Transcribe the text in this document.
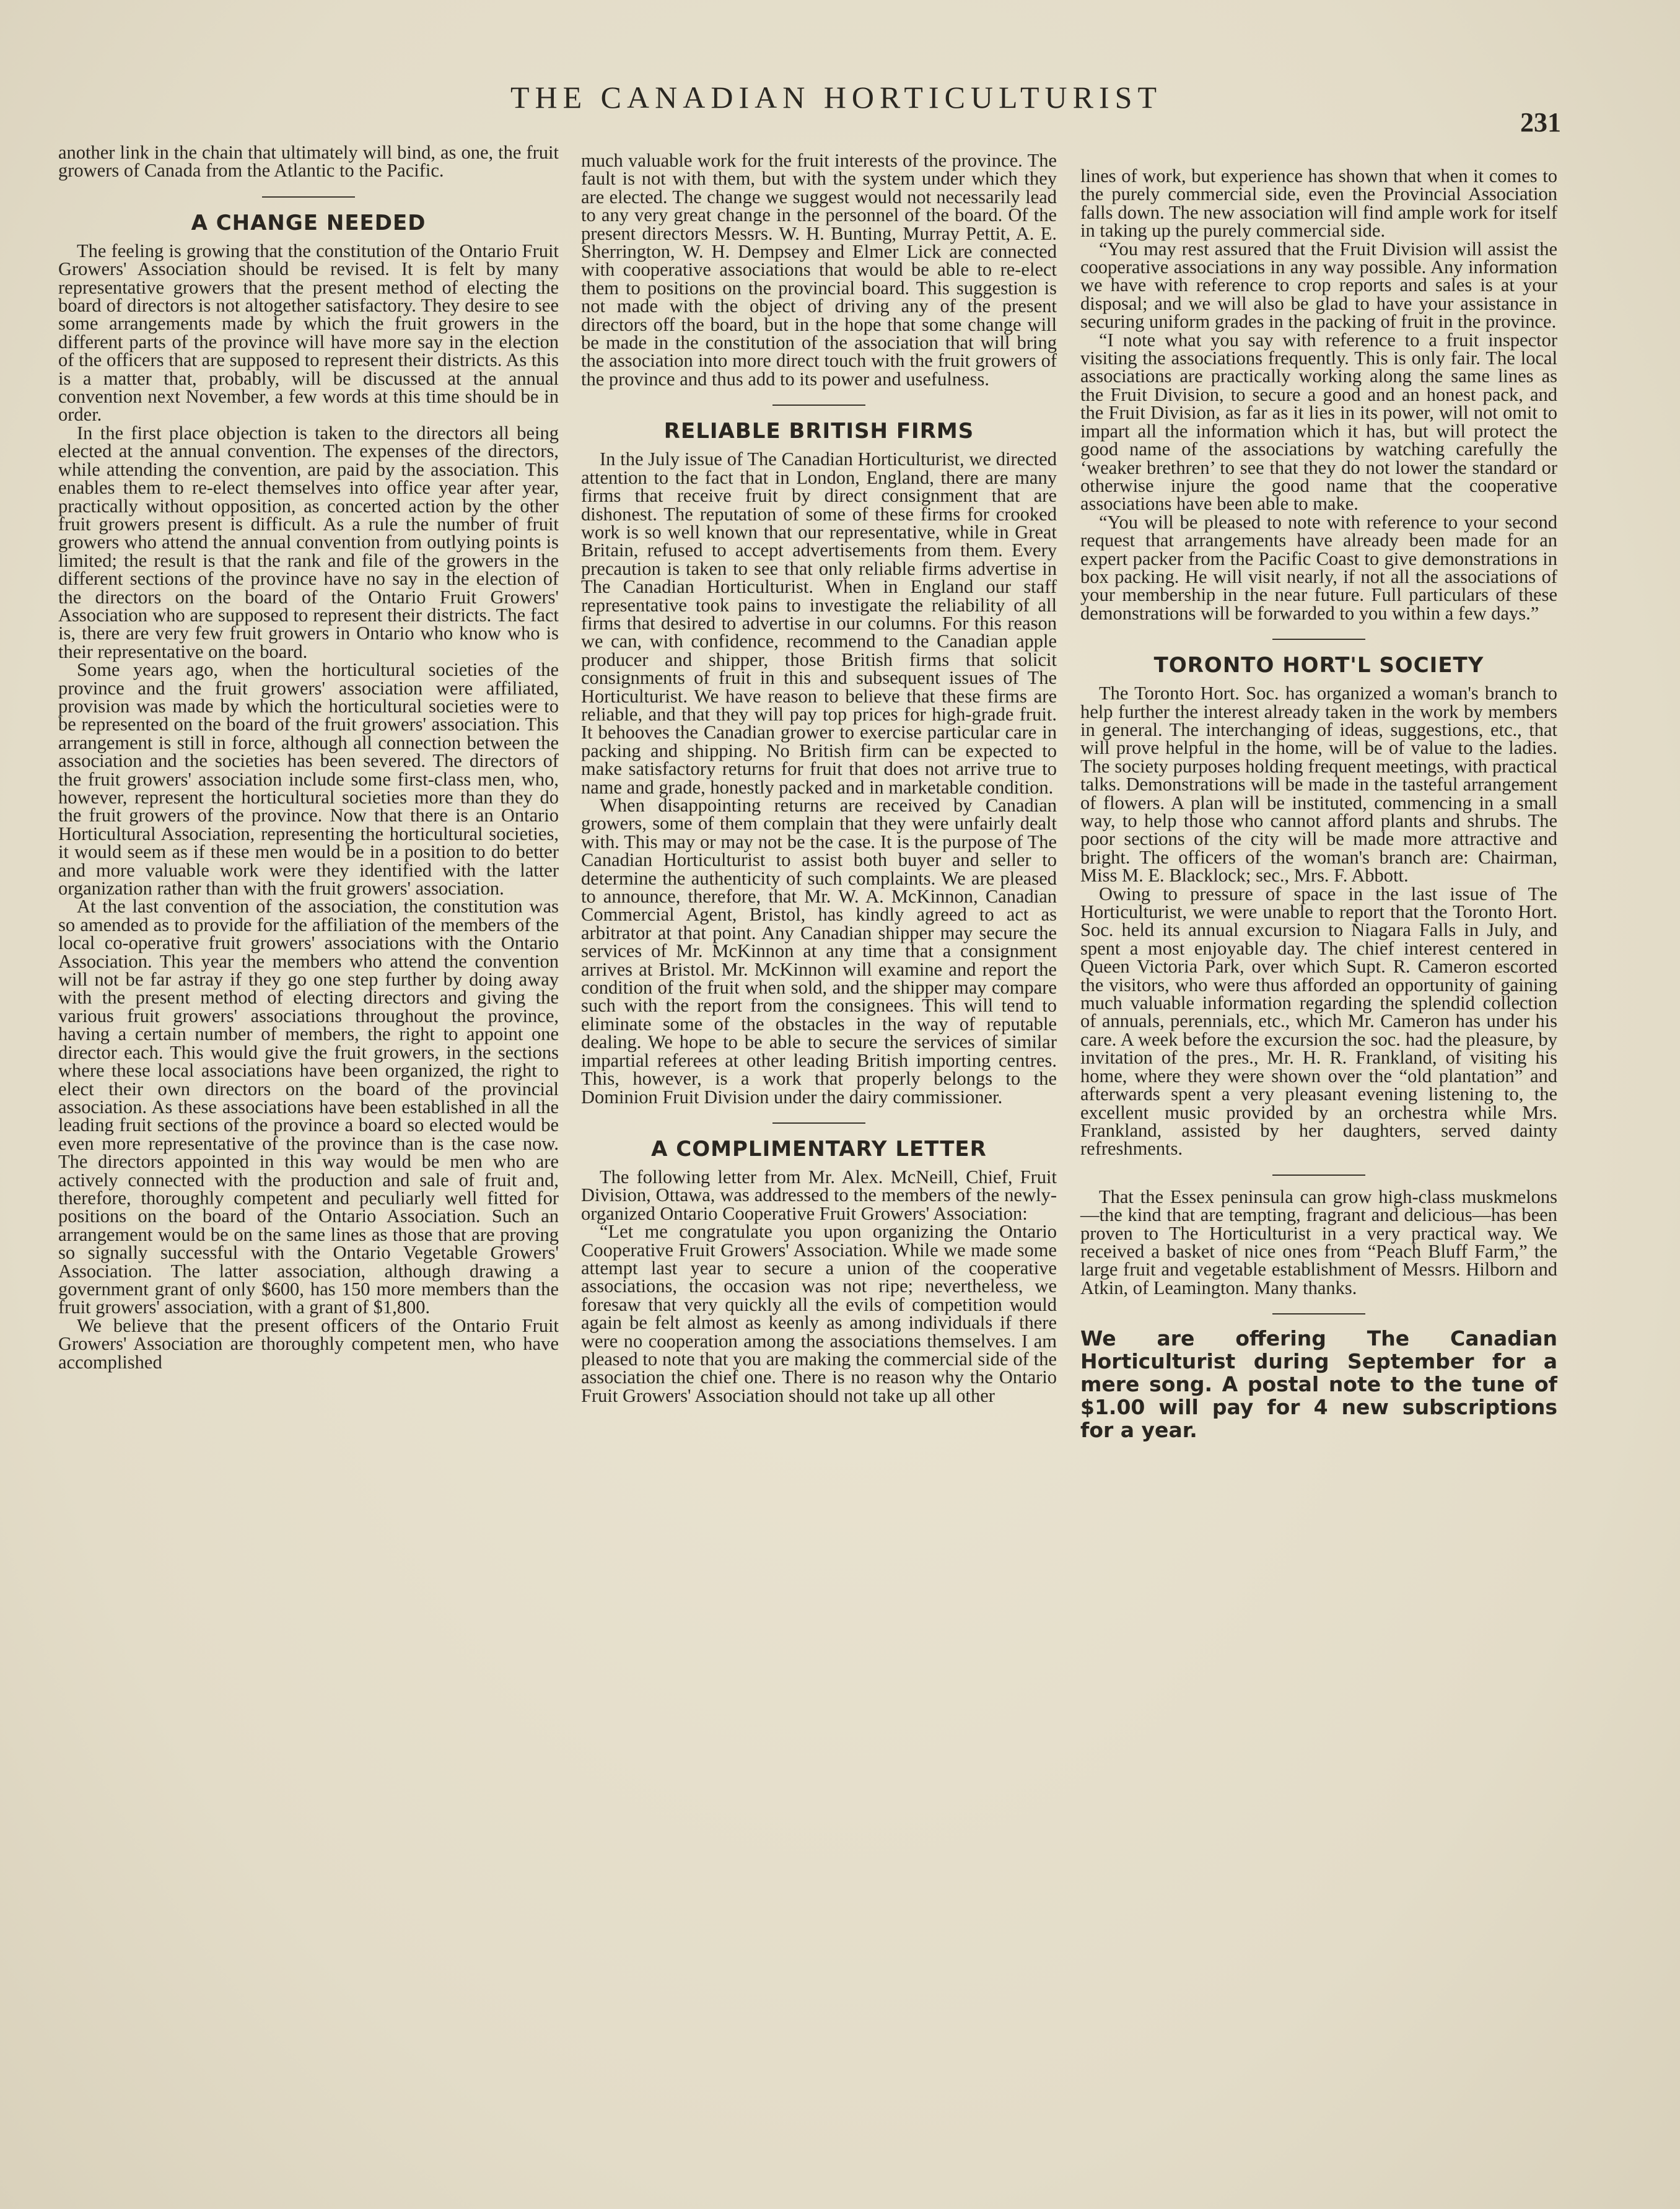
THE CANADIAN HORTICULTURIST
231

another link in the chain that ultimately will bind, as one, the fruit growers of Canada from the Atlantic to the Pacific.

A CHANGE NEEDED

The feeling is growing that the constitution of the Ontario Fruit Growers' Association should be revised. It is felt by many representative growers that the present method of electing the board of directors is not altogether satisfactory. They desire to see some arrangements made by which the fruit growers in the different parts of the province will have more say in the election of the officers that are supposed to represent their districts. As this is a matter that, probably, will be discussed at the annual convention next November, a few words at this time should be in order.

In the first place objection is taken to the directors all being elected at the annual convention. The expenses of the directors, while attending the convention, are paid by the association. This enables them to re-elect themselves into office year after year, practically without opposition, as concerted action by the other fruit growers present is difficult. As a rule the number of fruit growers who attend the annual convention from outlying points is limited; the result is that the rank and file of the growers in the different sections of the province have no say in the election of the directors on the board of the Ontario Fruit Growers' Association who are supposed to represent their districts. The fact is, there are very few fruit growers in Ontario who know who is their representative on the board.

Some years ago, when the horticultural societies of the province and the fruit growers' association were affiliated, provision was made by which the horticultural societies were to be represented on the board of the fruit growers' association. This arrangement is still in force, although all connection between the association and the societies has been severed. The directors of the fruit growers' association include some first-class men, who, however, represent the horticultural societies more than they do the fruit growers of the province. Now that there is an Ontario Horticultural Association, representing the horticultural societies, it would seem as if these men would be in a position to do better and more valuable work were they identified with the latter organization rather than with the fruit growers' association.

At the last convention of the association, the constitution was so amended as to provide for the affiliation of the members of the local co-operative fruit growers' associations with the Ontario Association. This year the members who attend the convention will not be far astray if they go one step further by doing away with the present method of electing directors and giving the various fruit growers' associations throughout the province, having a certain number of members, the right to appoint one director each. This would give the fruit growers, in the sections where these local associations have been organized, the right to elect their own directors on the board of the provincial association. As these associations have been established in all the leading fruit sections of the province a board so elected would be even more representative of the province than is the case now. The directors appointed in this way would be men who are actively connected with the production and sale of fruit and, therefore, thoroughly competent and peculiarly well fitted for positions on the board of the Ontario Association. Such an arrangement would be on the same lines as those that are proving so signally successful with the Ontario Vegetable Growers' Association. The latter association, although drawing a government grant of only $600, has 150 more members than the fruit growers' association, with a grant of $1,800.

We believe that the present officers of the Ontario Fruit Growers' Association are thoroughly competent men, who have accomplished

much valuable work for the fruit interests of the province. The fault is not with them, but with the system under which they are elected. The change we suggest would not necessarily lead to any very great change in the personnel of the board. Of the present directors Messrs. W. H. Bunting, Murray Pettit, A. E. Sherrington, W. H. Dempsey and Elmer Lick are connected with cooperative associations that would be able to re-elect them to positions on the provincial board. This suggestion is not made with the object of driving any of the present directors off the board, but in the hope that some change will be made in the constitution of the association that will bring the association into more direct touch with the fruit growers of the province and thus add to its power and usefulness.

RELIABLE BRITISH FIRMS

In the July issue of The Canadian Horticulturist, we directed attention to the fact that in London, England, there are many firms that receive fruit by direct consignment that are dishonest. The reputation of some of these firms for crooked work is so well known that our representative, while in Great Britain, refused to accept advertisements from them. Every precaution is taken to see that only reliable firms advertise in The Canadian Horticulturist. When in England our staff representative took pains to investigate the reliability of all firms that desired to advertise in our columns. For this reason we can, with confidence, recommend to the Canadian apple producer and shipper, those British firms that solicit consignments of fruit in this and subsequent issues of The Horticulturist. We have reason to believe that these firms are reliable, and that they will pay top prices for high-grade fruit. It behooves the Canadian grower to exercise particular care in packing and shipping. No British firm can be expected to make satisfactory returns for fruit that does not arrive true to name and grade, honestly packed and in marketable condition.

When disappointing returns are received by Canadian growers, some of them complain that they were unfairly dealt with. This may or may not be the case. It is the purpose of The Canadian Horticulturist to assist both buyer and seller to determine the authenticity of such complaints. We are pleased to announce, therefore, that Mr. W. A. McKinnon, Canadian Commercial Agent, Bristol, has kindly agreed to act as arbitrator at that point. Any Canadian shipper may secure the services of Mr. McKinnon at any time that a consignment arrives at Bristol. Mr. McKinnon will examine and report the condition of the fruit when sold, and the shipper may compare such with the report from the consignees. This will tend to eliminate some of the obstacles in the way of reputable dealing. We hope to be able to secure the services of similar impartial referees at other leading British importing centres. This, however, is a work that properly belongs to the Dominion Fruit Division under the dairy commissioner.

A COMPLIMENTARY LETTER

The following letter from Mr. Alex. McNeill, Chief, Fruit Division, Ottawa, was addressed to the members of the newly-organized Ontario Cooperative Fruit Growers' Association:

“Let me congratulate you upon organizing the Ontario Cooperative Fruit Growers' Association. While we made some attempt last year to secure a union of the cooperative associations, the occasion was not ripe; nevertheless, we foresaw that very quickly all the evils of competition would again be felt almost as keenly as among individuals if there were no cooperation among the associations themselves. I am pleased to note that you are making the commercial side of the association the chief one. There is no reason why the Ontario Fruit Growers' Association should not take up all other

lines of work, but experience has shown that when it comes to the purely commercial side, even the Provincial Association falls down. The new association will find ample work for itself in taking up the purely commercial side.

“You may rest assured that the Fruit Division will assist the cooperative associations in any way possible. Any information we have with reference to crop reports and sales is at your disposal; and we will also be glad to have your assistance in securing uniform grades in the packing of fruit in the province.

“I note what you say with reference to a fruit inspector visiting the associations frequently. This is only fair. The local associations are practically working along the same lines as the Fruit Division, to secure a good and an honest pack, and the Fruit Division, as far as it lies in its power, will not omit to impart all the information which it has, but will protect the good name of the associations by watching carefully the ‘weaker brethren’ to see that they do not lower the standard or otherwise injure the good name that the cooperative associations have been able to make.

“You will be pleased to note with reference to your second request that arrangements have already been made for an expert packer from the Pacific Coast to give demonstrations in box packing. He will visit nearly, if not all the associations of your membership in the near future. Full particulars of these demonstrations will be forwarded to you within a few days.”

TORONTO HORT'L SOCIETY

The Toronto Hort. Soc. has organized a woman's branch to help further the interest already taken in the work by members in general. The interchanging of ideas, suggestions, etc., that will prove helpful in the home, will be of value to the ladies. The society purposes holding frequent meetings, with practical talks. Demonstrations will be made in the tasteful arrangement of flowers. A plan will be instituted, commencing in a small way, to help those who cannot afford plants and shrubs. The poor sections of the city will be made more attractive and bright. The officers of the woman's branch are: Chairman, Miss M. E. Blacklock; sec., Mrs. F. Abbott.

Owing to pressure of space in the last issue of The Horticulturist, we were unable to report that the Toronto Hort. Soc. held its annual excursion to Niagara Falls in July, and spent a most enjoyable day. The chief interest centered in Queen Victoria Park, over which Supt. R. Cameron escorted the visitors, who were thus afforded an opportunity of gaining much valuable information regarding the splendid collection of annuals, perennials, etc., which Mr. Cameron has under his care. A week before the excursion the soc. had the pleasure, by invitation of the pres., Mr. H. R. Frankland, of visiting his home, where they were shown over the “old plantation” and afterwards spent a very pleasant evening listening to, the excellent music provided by an orchestra while Mrs. Frankland, assisted by her daughters, served dainty refreshments.

That the Essex peninsula can grow high-class muskmelons—the kind that are tempting, fragrant and delicious—has been proven to The Horticulturist in a very practical way. We received a basket of nice ones from “Peach Bluff Farm,” the large fruit and vegetable establishment of Messrs. Hilborn and Atkin, of Leamington. Many thanks.

We are offering The Canadian Horticulturist during September for a mere song. A postal note to the tune of $1.00 will pay for 4 new subscriptions for a year.
